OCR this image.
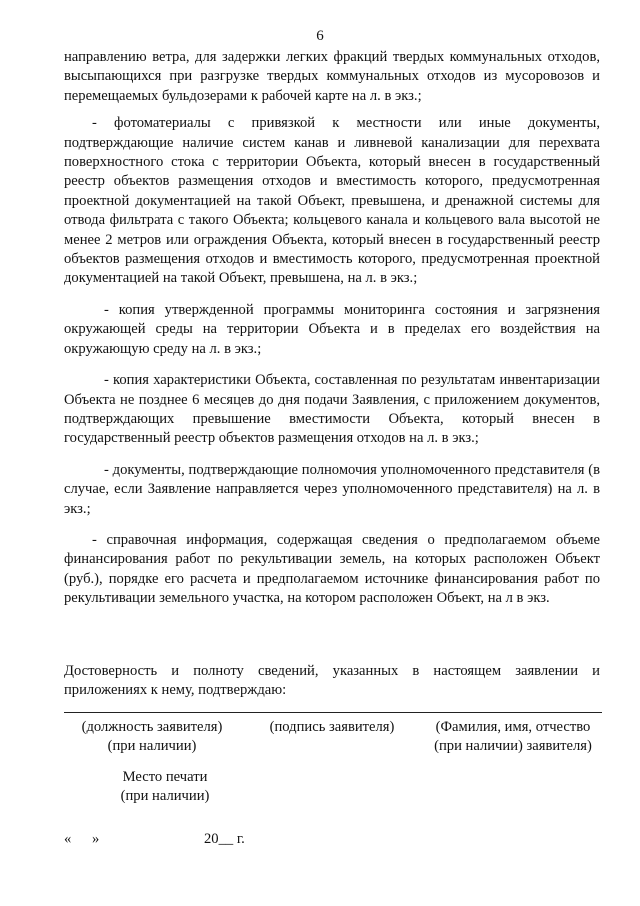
6

направлению ветра, для задержки легких фракций твердых коммунальных отходов, высыпающихся при разгрузке твердых коммунальных отходов из мусоровозов и перемещаемых бульдозерами к рабочей карте на л. в экз.;

- фотоматериалы с привязкой к местности или иные документы, подтверждающие наличие систем канав и ливневой канализации для перехвата поверхностного стока с территории Объекта, который внесен в государственный реестр объектов размещения отходов и вместимость которого, предусмотренная проектной документацией на такой Объект, превышена, и дренажной системы для отвода фильтрата с такого Объекта; кольцевого канала и кольцевого вала высотой не менее 2 метров или ограждения Объекта, который внесен в государственный реестр объектов размещения отходов и вместимость которого, предусмотренная проектной документацией на такой Объект, превышена, на л. в экз.;

- копия утвержденной программы мониторинга состояния и загрязнения окружающей среды на территории Объекта и в пределах его воздействия на окружающую среду на л. в экз.;

- копия характеристики Объекта, составленная по результатам инвентаризации Объекта не позднее 6 месяцев до дня подачи Заявления, с приложением документов, подтверждающих превышение вместимости Объекта, который внесен в государственный реестр объектов размещения отходов на л. в экз.;

- документы, подтверждающие полномочия уполномоченного представителя (в случае, если Заявление направляется через уполномоченного представителя) на л. в экз.;

- справочная информация, содержащая сведения о предполагаемом объеме финансирования работ по рекультивации земель, на которых расположен Объект (руб.), порядке его расчета и предполагаемом источнике финансирования работ по рекультивации земельного участка, на котором расположен Объект, на л в экз.

Достоверность и полноту сведений, указанных в настоящем заявлении и приложениях к нему, подтверждаю:
(должность заявителя)
(при наличии)
(подпись заявителя)	(Фамилия, имя, отчество
(при наличии) заявителя)
Место печати
(при наличии)
« »	20__ г.
